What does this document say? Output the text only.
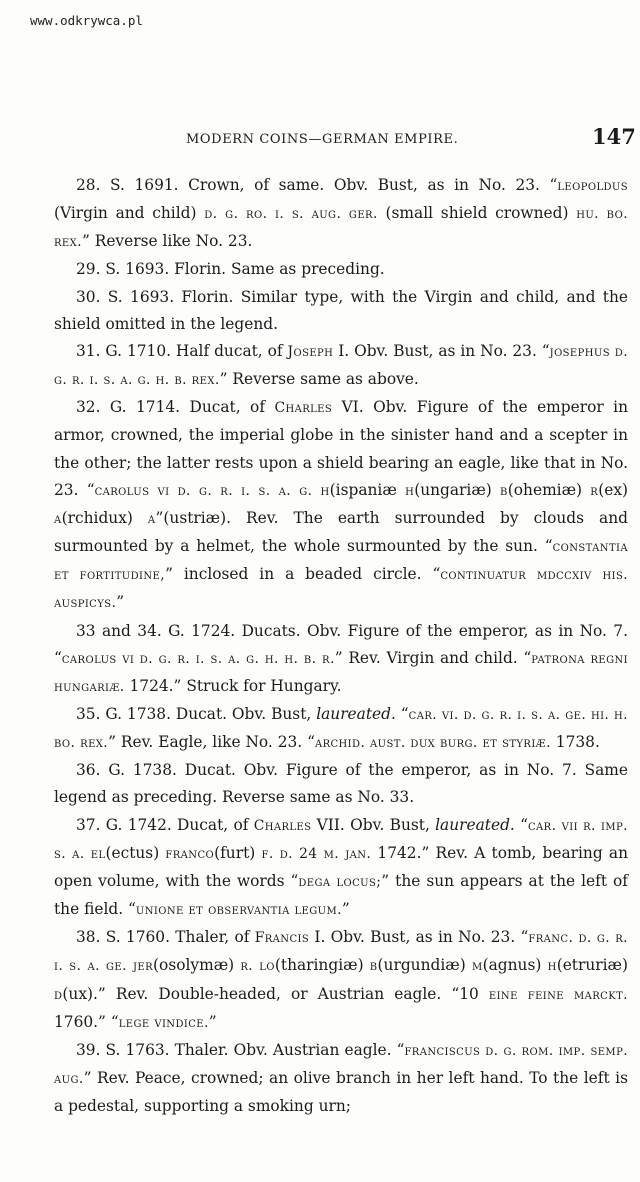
www.odkrywca.pl
MODERN COINS—GERMAN EMPIRE.	147

28. S. 1691. Crown, of same. Obv. Bust, as in No. 23. “leopoldus (Virgin and child) d. g. ro. i. s. aug. ger. (small shield crowned) hu. bo. rex.” Reverse like No. 23.

29. S. 1693. Florin. Same as preceding.

30. S. 1693. Florin. Similar type, with the Virgin and child, and the shield omitted in the legend.

31. G. 1710. Half ducat, of Joseph I. Obv. Bust, as in No. 23. “josephus d. g. r. i. s. a. g. h. b. rex.” Reverse same as above.

32. G. 1714. Ducat, of Charles VI. Obv. Figure of the emperor in armor, crowned, the imperial globe in the sinister hand and a scepter in the other; the latter rests upon a shield bearing an eagle, like that in No. 23. “carolus vi d. g. r. i. s. a. g. h(ispaniæ h(ungariæ) b(ohemiæ) r(ex) a(rchidux) a”(ustriæ). Rev. The earth surrounded by clouds and surmounted by a helmet, the whole surmounted by the sun. “constantia et fortitudine,” inclosed in a beaded circle. “continuatur mdccxiv his. auspicys.”

33 and 34. G. 1724. Ducats. Obv. Figure of the emperor, as in No. 7. “carolus vi d. g. r. i. s. a. g. h. h. b. r.” Rev. Virgin and child. “patrona regni hungariæ. 1724.” Struck for Hungary.

35. G. 1738. Ducat. Obv. Bust, laureated. “car. vi. d. g. r. i. s. a. ge. hi. h. bo. rex.” Rev. Eagle, like No. 23. “archid. aust. dux burg. et styriæ. 1738.

36. G. 1738. Ducat. Obv. Figure of the emperor, as in No. 7. Same legend as preceding. Reverse same as No. 33.

37. G. 1742. Ducat, of Charles VII. Obv. Bust, laureated. “car. vii r. imp. s. a. el(ectus) franco(furt) f. d. 24 m. jan. 1742.” Rev. A tomb, bearing an open volume, with the words “dega locus;” the sun appears at the left of the field. “unione et observantia legum.”

38. S. 1760. Thaler, of Francis I. Obv. Bust, as in No. 23. “franc. d. g. r. i. s. a. ge. jer(osolymæ) r. lo(tharingiæ) b(urgundiæ) m(agnus) h(etruriæ) d(ux).” Rev. Double-headed, or Austrian eagle. “10 eine feine marckt. 1760.” “lege vindice.”

39. S. 1763. Thaler. Obv. Austrian eagle. “franciscus d. g. rom. imp. semp. aug.” Rev. Peace, crowned; an olive branch in her left hand. To the left is a pedestal, supporting a smoking urn;
